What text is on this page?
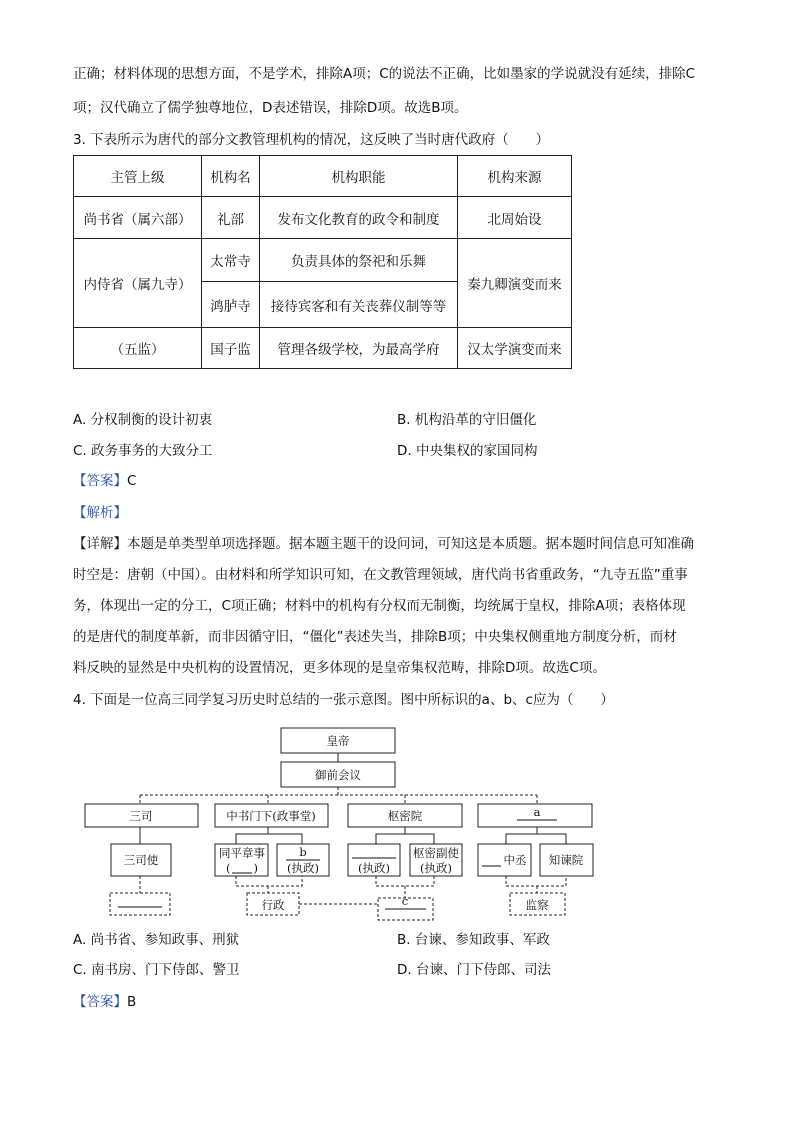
正确；材料体现的思想方面，不是学术，排除A项；C的说法不正确，比如墨家的学说就没有延续，排除C
项；汉代确立了儒学独尊地位，D表述错误，排除D项。故选B项。
3. 下表所示为唐代的部分文教管理机构的情况，这反映了当时唐代政府（　　）
主管上级	机构名	机构职能	机构来源
尚书省（属六部）	礼部	发布文化教育的政令和制度	北周始设
内侍省（属九寺）	太常寺	负责具体的祭祀和乐舞	秦九卿演变而来
	鸿胪寺	接待宾客和有关丧葬仪制等等	
（五监）	国子监	管理各级学校，为最高学府	汉太学演变而来
A. 分权制衡的设计初衷	B. 机构沿革的守旧僵化
C. 政务事务的大致分工	D. 中央集权的家国同构
【答案】C
【解析】
【详解】本题是单类型单项选择题。据本题主题干的设问词，可知这是本质题。据本题时间信息可知准确
时空是：唐朝（中国）。由材料和所学知识可知，在文教管理领域，唐代尚书省重政务，“九寺五监”重事
务，体现出一定的分工，C项正确；材料中的机构有分权而无制衡，均统属于皇权，排除A项；表格体现
的是唐代的制度革新，而非因循守旧，“僵化”表述失当，排除B项；中央集权侧重地方制度分析，而材
料反映的显然是中央机构的设置情况，更多体现的是皇帝集权范畴，排除D项。故选C项。
4. 下面是一位高三同学复习历史时总结的一张示意图。图中所标识的a、b、c应为（　　）
皇帝
御前会议
三司	中书门下(政事堂)	枢密院	a
三司使	同平章事
(　　)
b
(执政)	(执政)
枢密副使
(执政)
中丞 知谏院
行政	c	监察
A. 尚书省、参知政事、刑狱	B. 台谏、参知政事、军政
C. 南书房、门下侍郎、警卫	D. 台谏、门下侍郎、司法
【答案】B
